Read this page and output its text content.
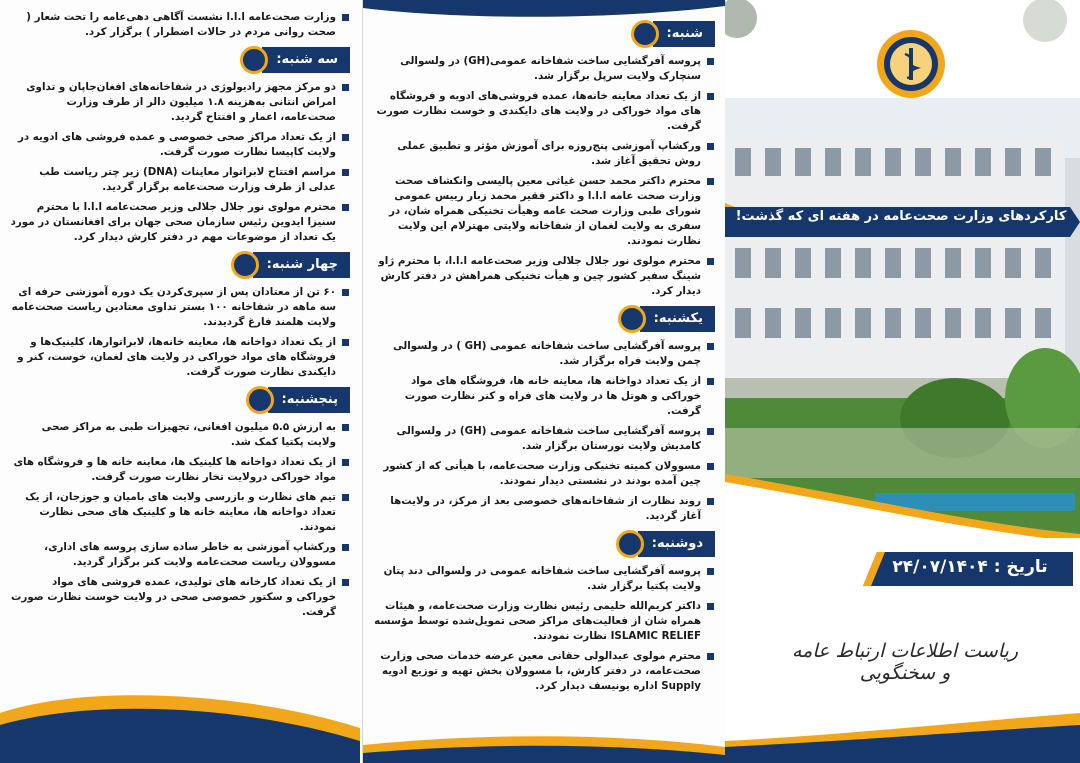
وزارت صحت‌عامه ا.ا.ا نشست آگاهی دهی‌عامه را تحت شعار ( صحت روانی مردم در حالات اضطرار ) برگزار کرد.
سه شنبه:
دو مرکز مجهز رادیولوژی در شفاخانه‌های افغان‌جاپان و تداوی امراض انتانی به‌هزینه ۱.۸ میلیون دالر از طرف وزارت صحت‌عامه، اعمار و افتتاح گردید.
از یک تعداد مراکز صحی خصوصی و عمده فروشی های ادویه در ولایت کاپیسا نظارت صورت گرفت.
مراسم افتتاح لابراتوار معاینات (DNA) زیر چتر ریاست طب عدلی از طرف وزارت صحت‌عامه برگزار گردید.
محترم مولوی نور جلال جلالی وزیر صحت‌عامه ا.ا.ا با محترم سنیزا ایدوین رئیس سازمان صحی جهان برای افغانستان در مورد یک تعداد از موضوعات مهم در دفتر کارش دیدار کرد.
چهار شنبه:
۶۰ تن از معتادان پس از سپری‌کردن یک دوره آموزشی حرفه ای سه ماهه در شفاخانه ۱۰۰ بستر تداوی معتادین ریاست صحت‌عامه ولایت هلمند فارغ گردیدند.
از یک تعداد دواخانه ها، معاینه خانه‌ها، لابراتوارها، کلینیک‌ها و فروشگاه های مواد خوراکی در ولایت های لغمان، خوست، کنر و دایکندی نظارت صورت گرفت.
پنجشنبه:
به ارزش ۵.۵ میلیون افغانی، تجهیزات طبی به مراکز صحی ولایت پکتیا کمک شد.
از یک تعداد دواخانه ها کلینیک ها، معاینه خانه ها و فروشگاه های مواد خوراکی درولایت تخار نظارت صورت گرفت.
تیم های نظارت و بازرسی ولایت های بامیان و جوزجان، از یک تعداد دواخانه ها، معاینه خانه ها و کلینیک های صحی نظارت نمودند.
ورکشاپ آموزشی به خاطر ساده سازی پروسه های اداری، مسوولان ریاست صحت‌عامه ولایت کنر برگزار گردید.
از یک تعداد کارخانه های تولیدی، عمده فروشی های مواد خوراکی و سکتور خصوصی صحی در ولایت خوست نظارت صورت گرفت.
شنبه:
پروسه آفرگشایی ساخت شفاخانه عمومی(GH) در ولسوالی سنچارک ولایت سرپل برگزار شد.
از یک تعداد معاینه خانه‌ها، عمده فروشی‌های ادویه و فروشگاه های مواد خوراکی در ولایت های دایکندی و خوست نظارت صورت گرفت.
ورکشاپ آموزشی پنج‌روزه برای آموزش مؤثر و تطبیق عملی روش تحقیق آغاز شد.
محترم داکتر محمد حسن غیاثی معین پالیسی وانکشاف صحت وزارت صحت عامه ا.ا.ا و داکتر فقیر محمد زبار رییس عمومی شورای طبی وزارت صحت عامه وهیأت تخنیکی همراه شان، در سفری به ولایت لغمان از شفاخانه ولایتی مهترلام این ولایت نظارت نمودند.
محترم مولوی نور جلال جلالی وزیر صحت‌عامه ا.ا.ا، با محترم ژاو شینگ سفیر کشور چین و هیأت تخنیکی همراهش در دفتر کارش دیدار کرد.
یکشنبه:
پروسه آفرگشایی ساخت شفاخانه عمومی (GH ) در ولسوالی چمن ولایت فراه برگزار شد.
از یک تعداد دواخانه ها، معاینه خانه ها، فروشگاه های مواد خوراکی و هوتل ها در ولایت های فراه و کنر نظارت صورت گرفت.
پروسه آفرگشایی ساخت شفاخانه عمومی (GH) در ولسوالی کامدیش ولایت نورستان برگزار شد.
مسوولان کمیته تخنیکی وزارت صحت‌عامه، با هیأتی که از کشور چین آمده بودند در نشستی دیدار نمودند.
روند نظارت از شفاخانه‌های خصوصی بعد از مرکز، در ولایت‌ها آغاز گردید.
دوشنبه:
پروسه آفرگشایی ساخت شفاخانه عمومی در ولسوالی دند پتان ولایت پکتیا برگزار شد.
داکتر کریم‌الله حلیمی رئیس نظارت وزارت صحت‌عامه، و هیئات همراه شان از فعالیت‌های مراکز صحی تمویل‌شده توسط مؤسسه ISLAMIC RELIEF نظارت نمودند.
محترم مولوی عبدالولی حقانی معین عرضه خدمات صحی وزارت صحت‌عامه، در دفتر کارش، با مسوولان بخش تهیه و توزیع ادویه Supply اداره یونیسف دیدار کرد.
کارکردهای وزارت صحت‌عامه در هفته ای که گذشت!
تاریخ : ۲۴/۰۷/۱۴۰۴
ریاست اطلاعات ارتباط عامه و سخنگویی
